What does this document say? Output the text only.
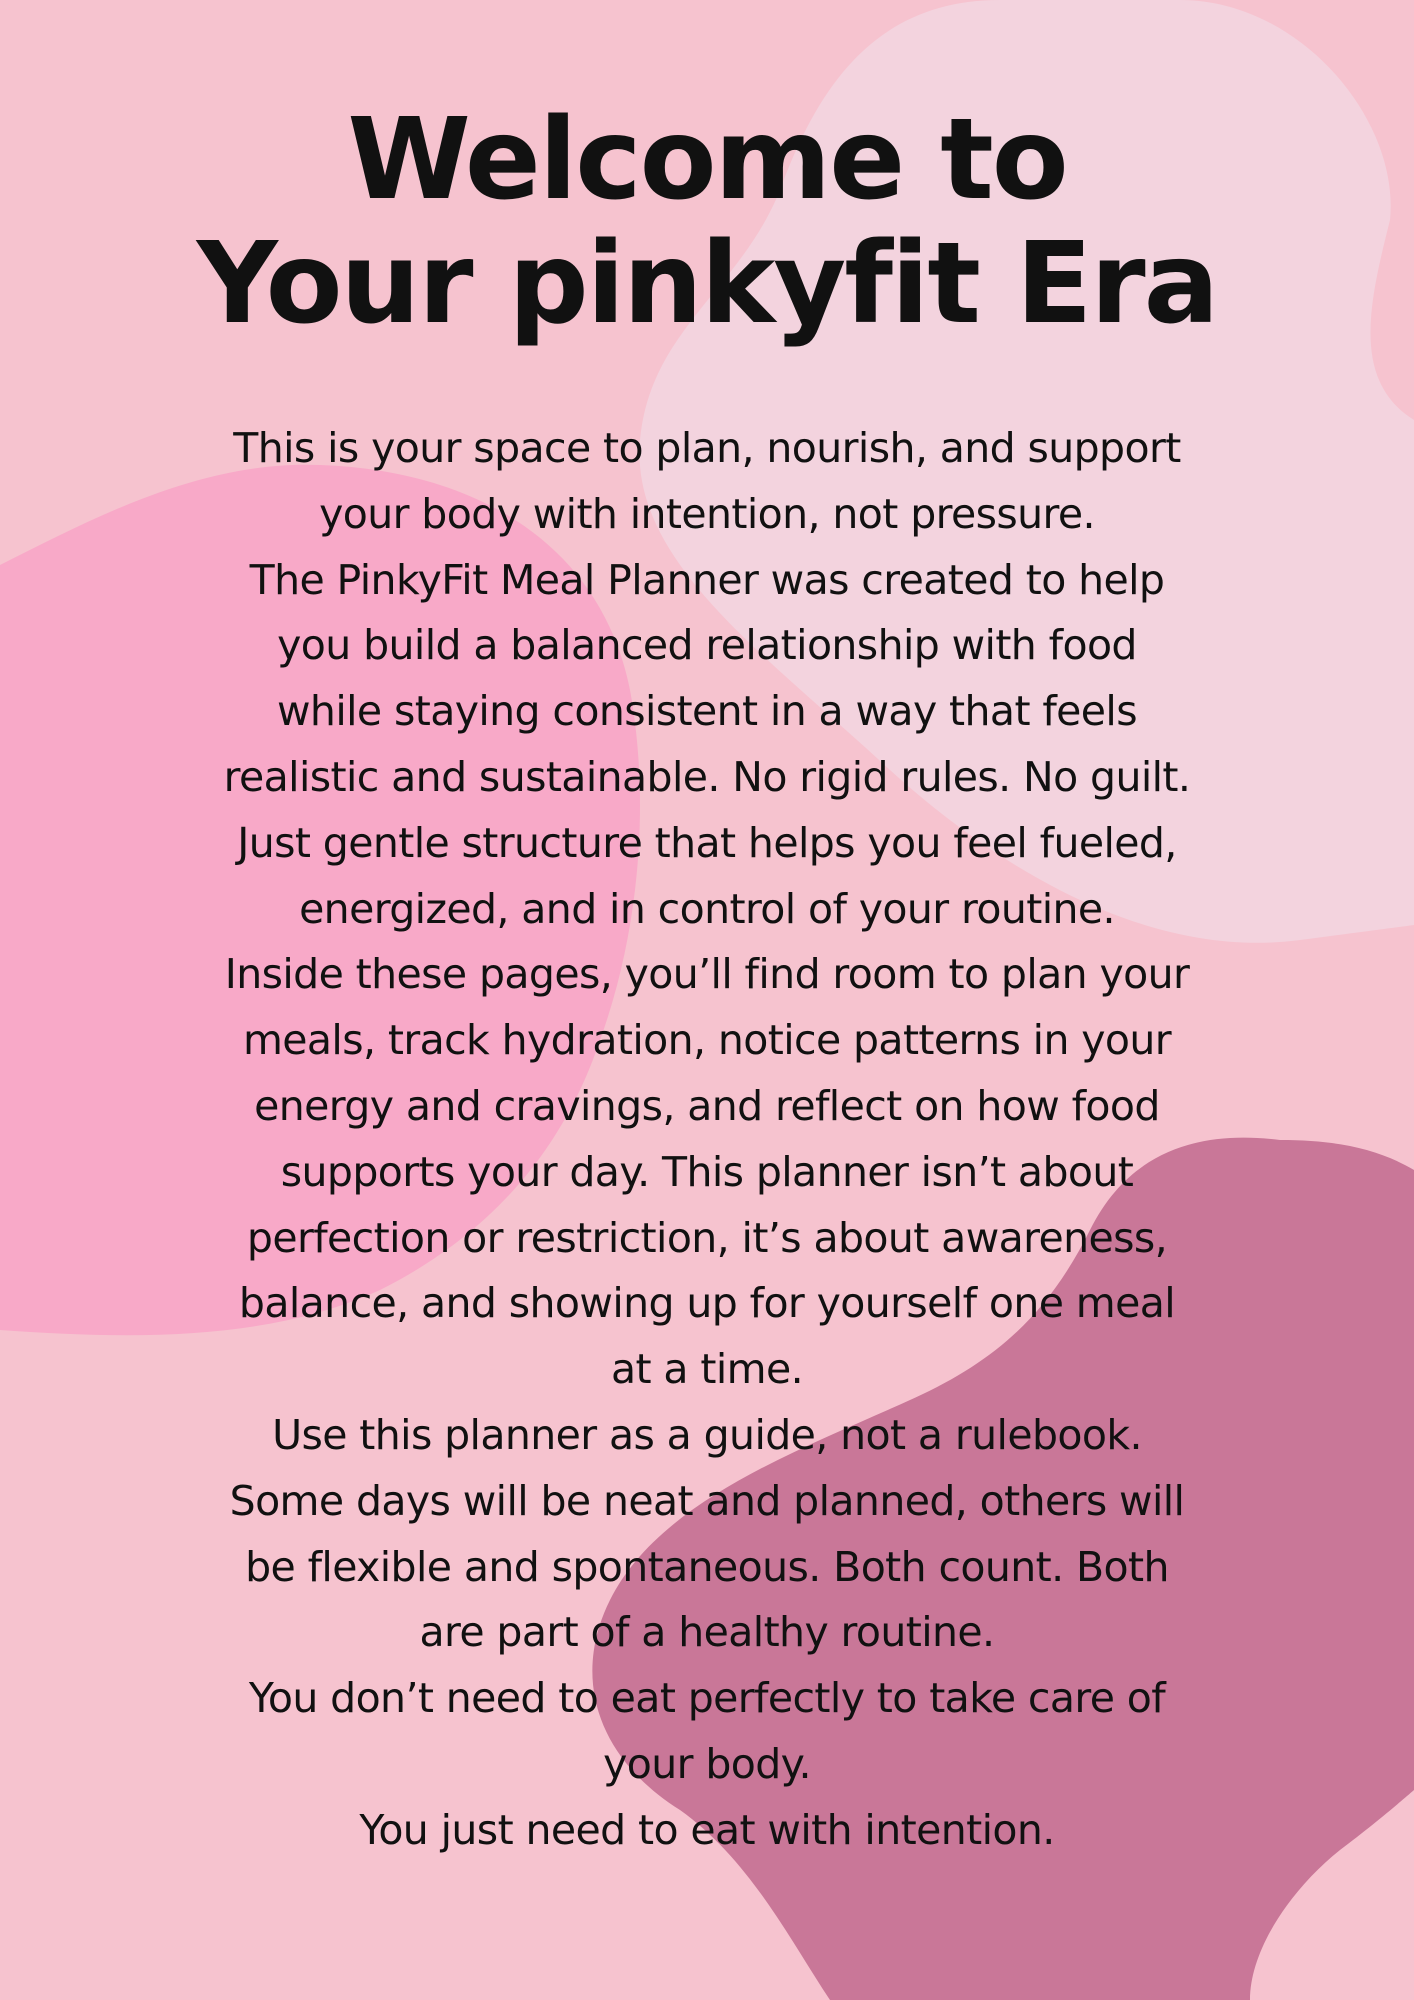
Welcome to
Your pinkyfit Era
This is your space to plan, nourish, and support
your body with intention, not pressure.
The PinkyFit Meal Planner was created to help
you build a balanced relationship with food
while staying consistent in a way that feels
realistic and sustainable. No rigid rules. No guilt.
Just gentle structure that helps you feel fueled,
energized, and in control of your routine.
Inside these pages, you’ll find room to plan your
meals, track hydration, notice patterns in your
energy and cravings, and reflect on how food
supports your day. This planner isn’t about
perfection or restriction, it’s about awareness,
balance, and showing up for yourself one meal
at a time.
Use this planner as a guide, not a rulebook.
Some days will be neat and planned, others will
be flexible and spontaneous. Both count. Both
are part of a healthy routine.
You don’t need to eat perfectly to take care of
your body.
You just need to eat with intention.
